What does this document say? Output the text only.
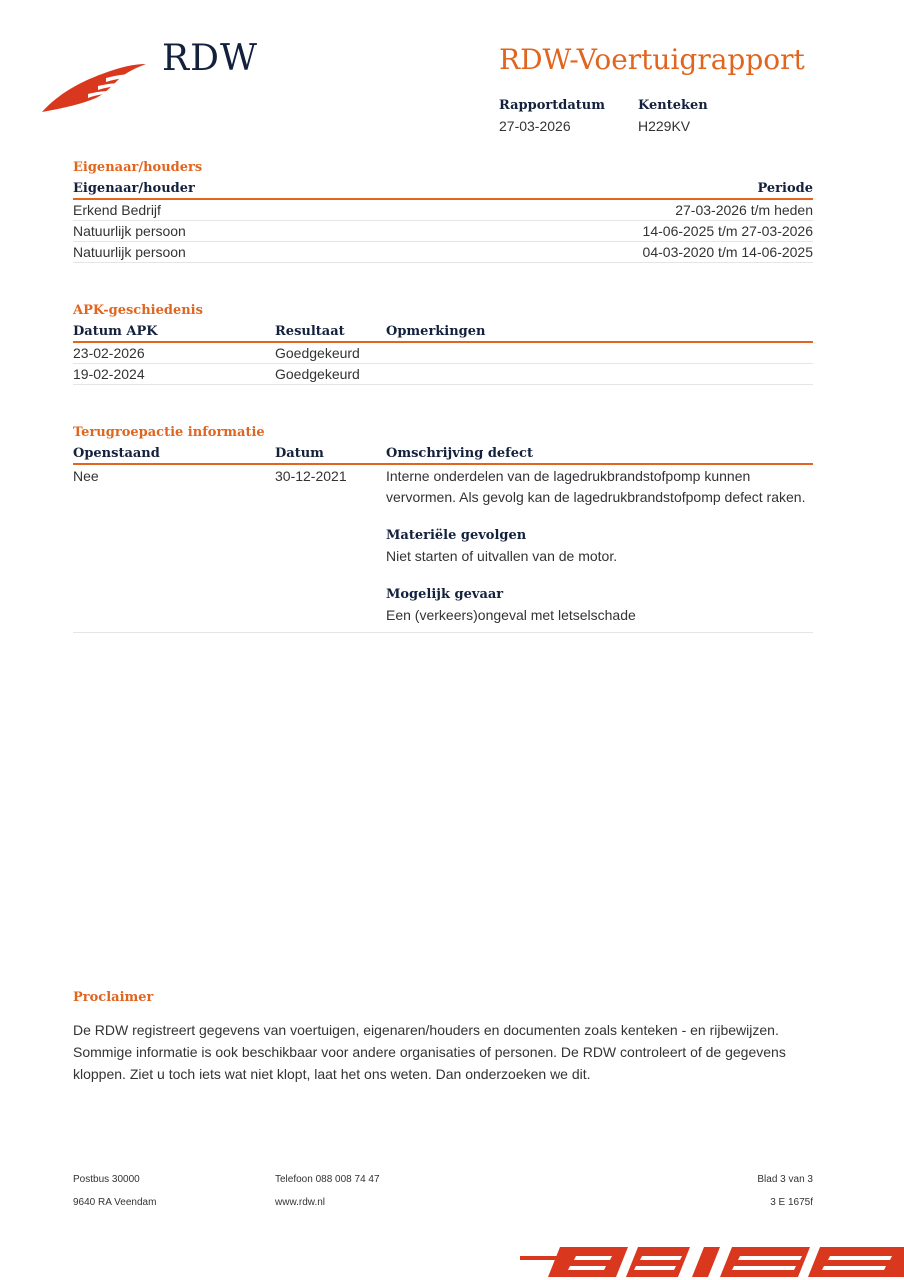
RDW	RDW-Voertuigrapport
Rapportdatum
27-03-2026
Kenteken
H229KV
Eigenaar/houders
Eigenaar/houder	Periode
Erkend Bedrijf	27-03-2026 t/m heden
Natuurlijk persoon	14-06-2025 t/m 27-03-2026
Natuurlijk persoon	04-03-2020 t/m 14-06-2025
APK-geschiedenis
Datum APK	Resultaat	Opmerkingen
23-02-2026	Goedgekeurd
19-02-2024	Goedgekeurd
Terugroepactie informatie
Openstaand	Datum	Omschrijving defect
Nee	30-12-2021	Interne onderdelen van de lagedrukbrandstofpomp kunnen
vervormen. Als gevolg kan de lagedrukbrandstofpomp defect raken.
Materiële gevolgen
Niet starten of uitvallen van de motor.
Mogelijk gevaar
Een (verkeers)ongeval met letselschade
Proclaimer

De RDW registreert gegevens van voertuigen, eigenaren/houders en documenten zoals kenteken - en rijbewijzen.
Sommige informatie is ook beschikbaar voor andere organisaties of personen. De RDW controleert of de gegevens
kloppen. Ziet u toch iets wat niet klopt, laat het ons weten. Dan onderzoeken we dit.

Postbus 30000
9640 RA Veendam
Telefoon 088 008 74 47
www.rdw.nl
Blad 3 van 3
3 E 1675f
